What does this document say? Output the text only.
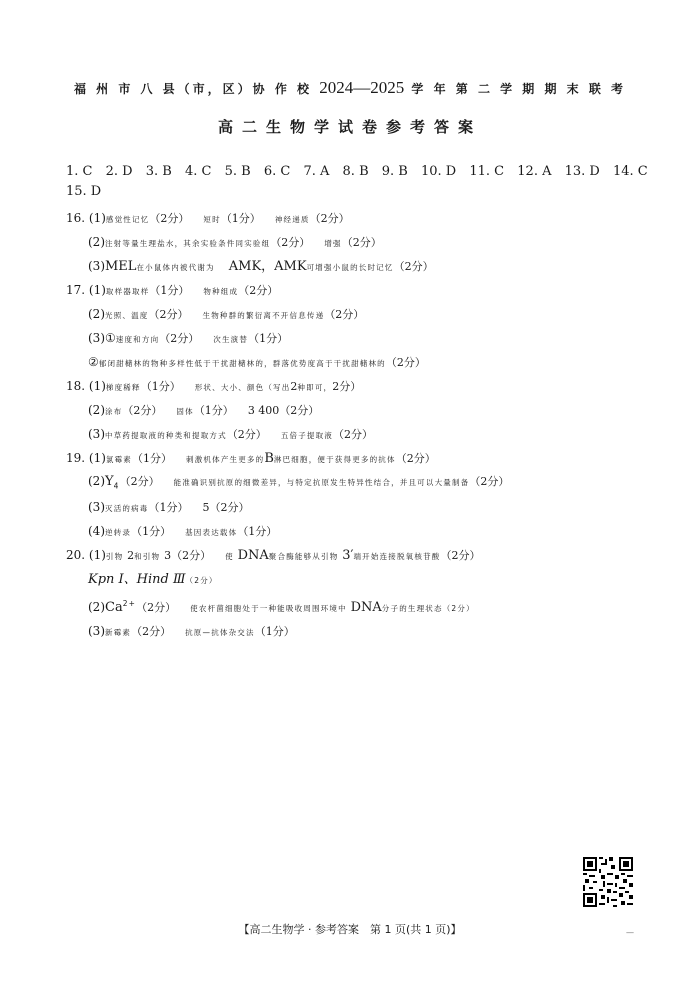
福 州 市 八 县（市，区）协 作 校 2024—2025 学 年 第 二 学 期 期 末 联 考
高二生物学试卷参考答案
1. C 2. D 3. B 4. C 5. B 6. C 7. A 8. B 9. B 10. D 11. C 12. A 13. D 14. C
15. D
16. (1)感觉性记忆（2分） 短时（1分） 神经递质（2分）
(2)注射等量生理盐水，其余实验条件同实验组（2分） 增强（2分）
(3)MEL在小鼠体内被代谢为 AMK，AMK可增强小鼠的长时记忆（2分）
17. (1)取样器取样（1分） 物种组成（2分）
(2)光照、温度（2分） 生物种群的繁衍离不开信息传递（2分）
(3)①速度和方向（2分） 次生演替（1分）
②郁闭甜槠林的物种多样性低于干扰甜槠林的，群落优势度高于干扰甜槠林的（2分）
18. (1)梯度稀释（1分） 形状、大小、颜色（写出2种即可，2分）
(2)涂布（2分） 固体（1分） 3 400（2分）
(3)中草药提取液的种类和提取方式（2分） 五倍子提取液（2分）
19. (1)氯霉素（1分） 刺激机体产生更多的B淋巴细胞，便于获得更多的抗体（2分）
$(2)Y_4(2$分） 能准确识别抗原的细微差异，与特定抗原发生特异性结合，并且可以大量制备（2分）
(3)灭活的病毒（1分） 5（2分）
(4)逆转录（1分） 基因表达载体（1分）
20. (1)引物 2和引物 3（2分） 使 DNA聚合酶能够从引物 3′端开始连接脱氧核苷酸（2分）
Kpn Ⅰ、Hind Ⅲ（2分）
$(2)Ca^{2+}(2$分） 使农杆菌细胞处于一种能吸收周围环境中 DNA分子的生理状态（2分）
(3)新霉素（2分） 抗原—抗体杂交法（1分）
【高二生物学 · 参考答案　第 1 页(共 1 页)】	—
